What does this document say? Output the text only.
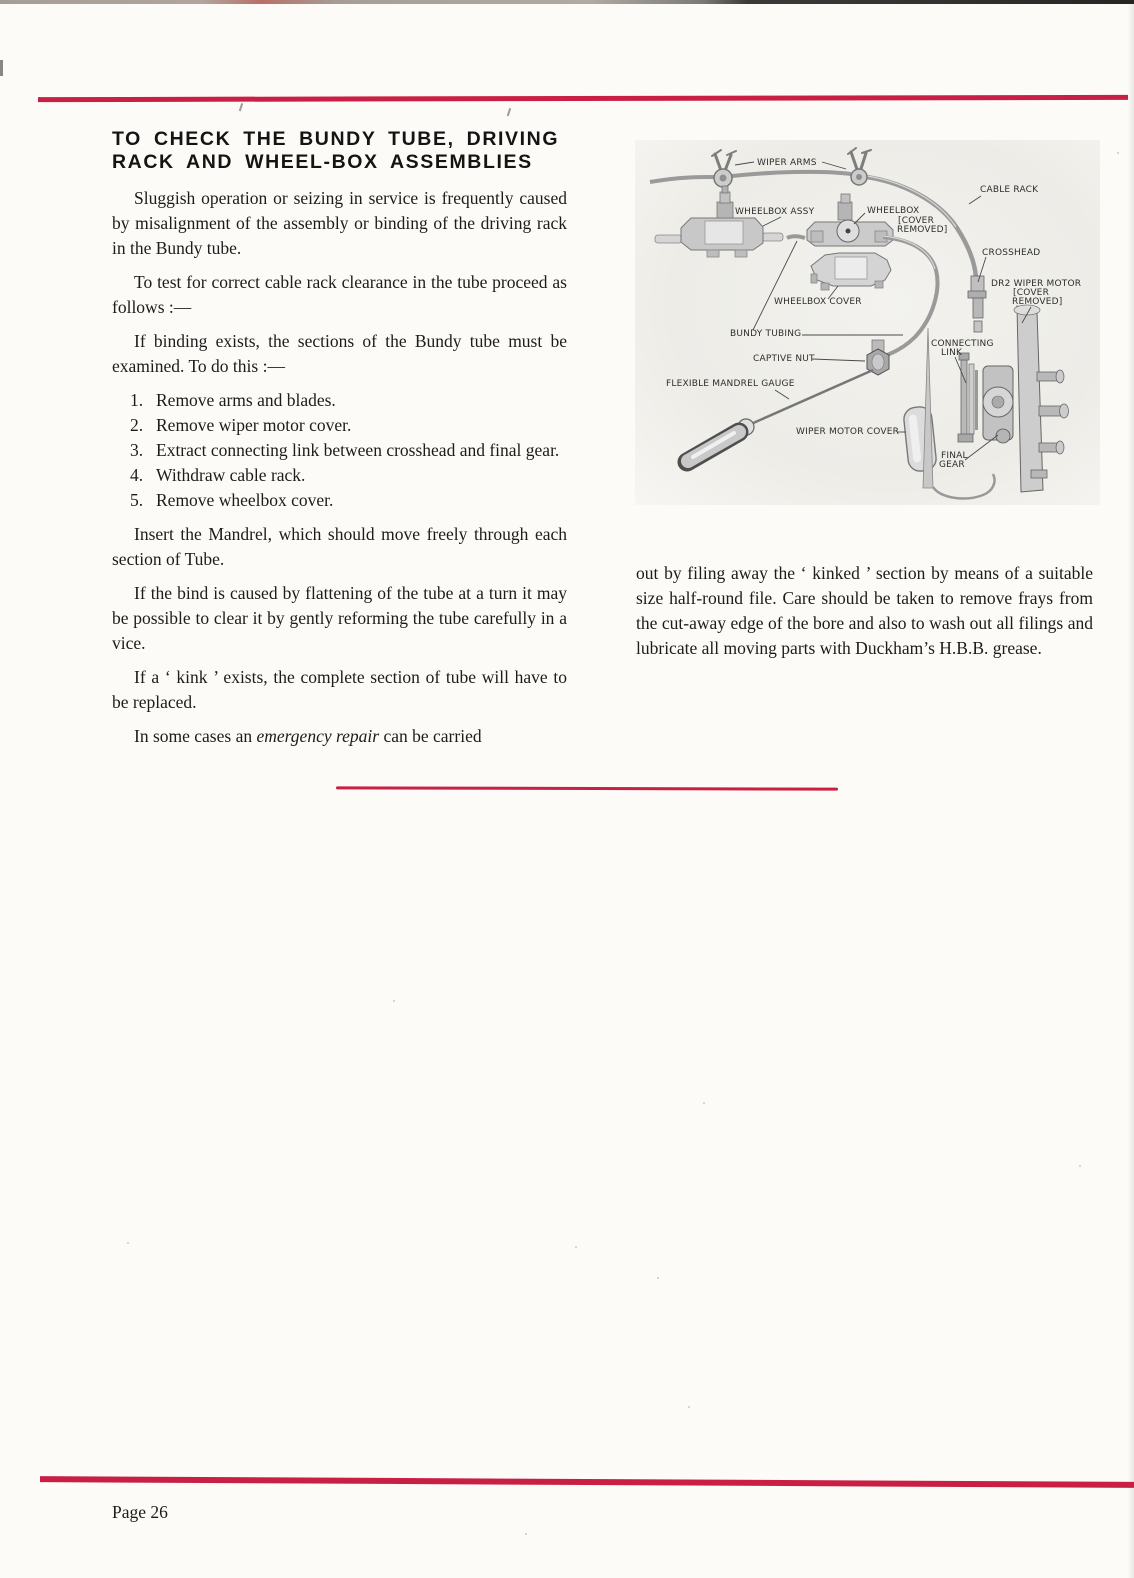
TO CHECK THE BUNDY TUBE, DRIVING
RACK AND WHEEL-BOX ASSEMBLIES

Sluggish operation or seizing in service is frequently caused by misalignment of the assembly or binding of the driving rack in the Bundy tube.

To test for correct cable rack clearance in the tube proceed as follows :—

If binding exists, the sections of the Bundy tube must be examined. To do this :—

1. Remove arms and blades.
2. Remove wiper motor cover.
3. Extract connecting link between crosshead and final gear.
4. Withdraw cable rack.
5. Remove wheelbox cover.

Insert the Mandrel, which should move freely through each section of Tube.

If the bind is caused by flattening of the tube at a turn it may be possible to clear it by gently reforming the tube carefully in a vice.

If a ‘ kink ’ exists, the complete section of tube will have to be replaced.

In some cases an emergency repair can be carried

out by filing away the ‘ kinked ’ section by means of a suitable size half-round file. Care should be taken to remove frays from the cut-away edge of the bore and also to wash out all filings and lubricate all moving parts with Duckham’s H.B.B. grease.

WIPER ARMS
CABLE RACK
WHEELBOX ASSY	WHEELBOX
[COVER
REMOVED]
CROSSHEAD
DR2 WIPER MOTOR
[COVER
REMOVED]
WHEELBOX COVER
BUNDY TUBING
CAPTIVE NUT
FLEXIBLE MANDREL GAUGE
CONNECTING
LINK
WIPER MOTOR COVER
FINAL
GEAR
Page 26
